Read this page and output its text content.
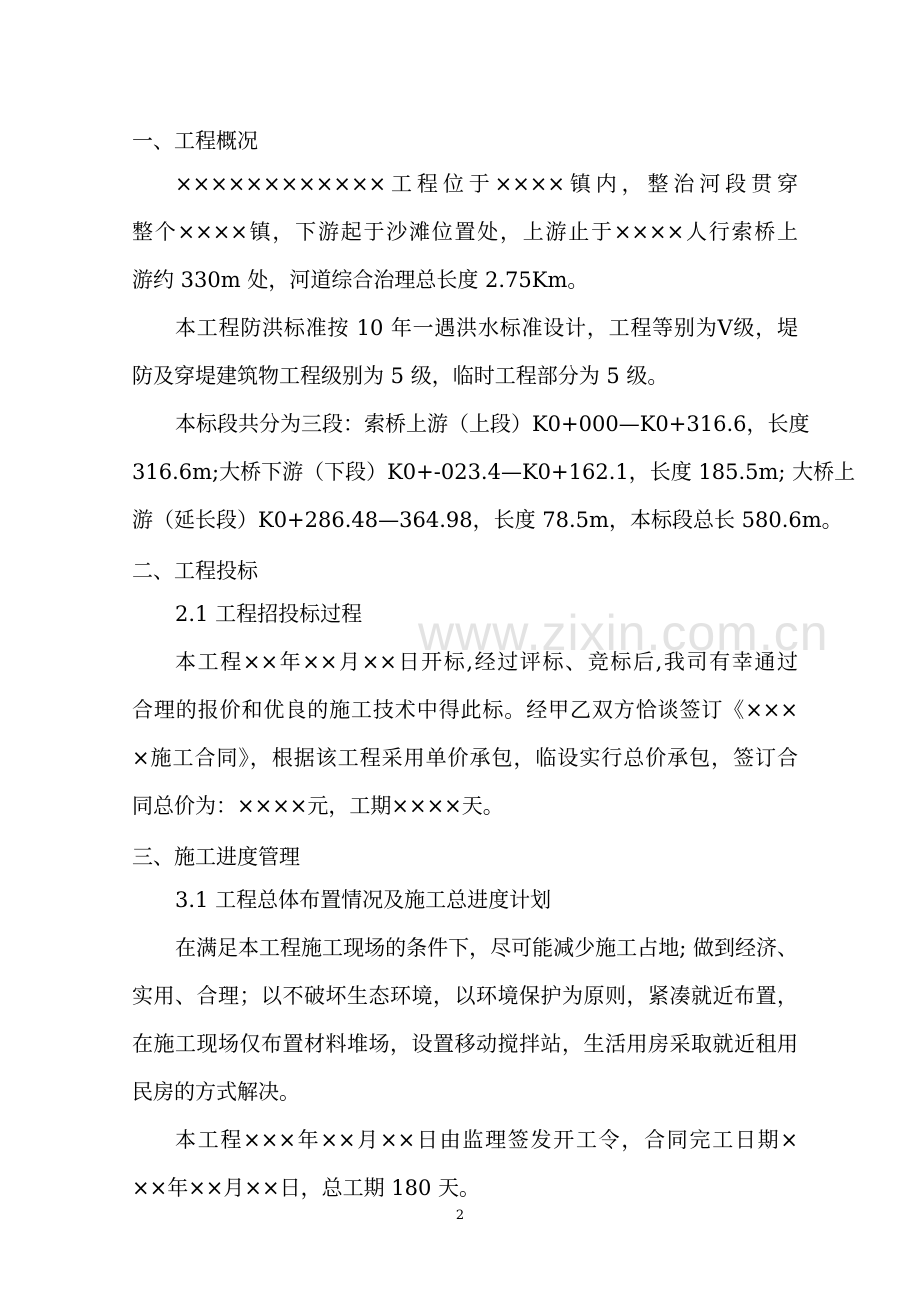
www.zixin.com.cn
一、工程概况
××××××××××××工程位于××××镇内，整治河段贯穿
整个××××镇，下游起于沙滩位置处，上游止于××××人行索桥上
游约 330m 处，河道综合治理总长度 2.75Km。
本工程防洪标准按 10 年一遇洪水标准设计，工程等别为Ⅴ级，堤
防及穿堤建筑物工程级别为 5 级，临时工程部分为 5 级。
本标段共分为三段：索桥上游（上段）K0+000—K0+316.6，长度
316.6m;大桥下游（下段）K0+-023.4—K0+162.1，长度 185.5m; 大桥上
游（延长段）K0+286.48—364.98，长度 78.5m，本标段总长 580.6m。
二、工程投标
2.1 工程招投标过程
本工程××年××月××日开标,经过评标、竞标后,我司有幸通过
合理的报价和优良的施工技术中得此标。经甲乙双方恰谈签订《×××
×施工合同》，根据该工程采用单价承包，临设实行总价承包，签订合
同总价为：××××元，工期××××天。
三、施工进度管理
3.1 工程总体布置情况及施工总进度计划
在满足本工程施工现场的条件下，尽可能减少施工占地; 做到经济、
实用、合理；以不破坏生态环境，以环境保护为原则，紧凑就近布置，
在施工现场仅布置材料堆场，设置移动搅拌站，生活用房采取就近租用
民房的方式解决。
本工程×××年××月××日由监理签发开工令，合同完工日期×
××年××月××日，总工期 180 天。
2
